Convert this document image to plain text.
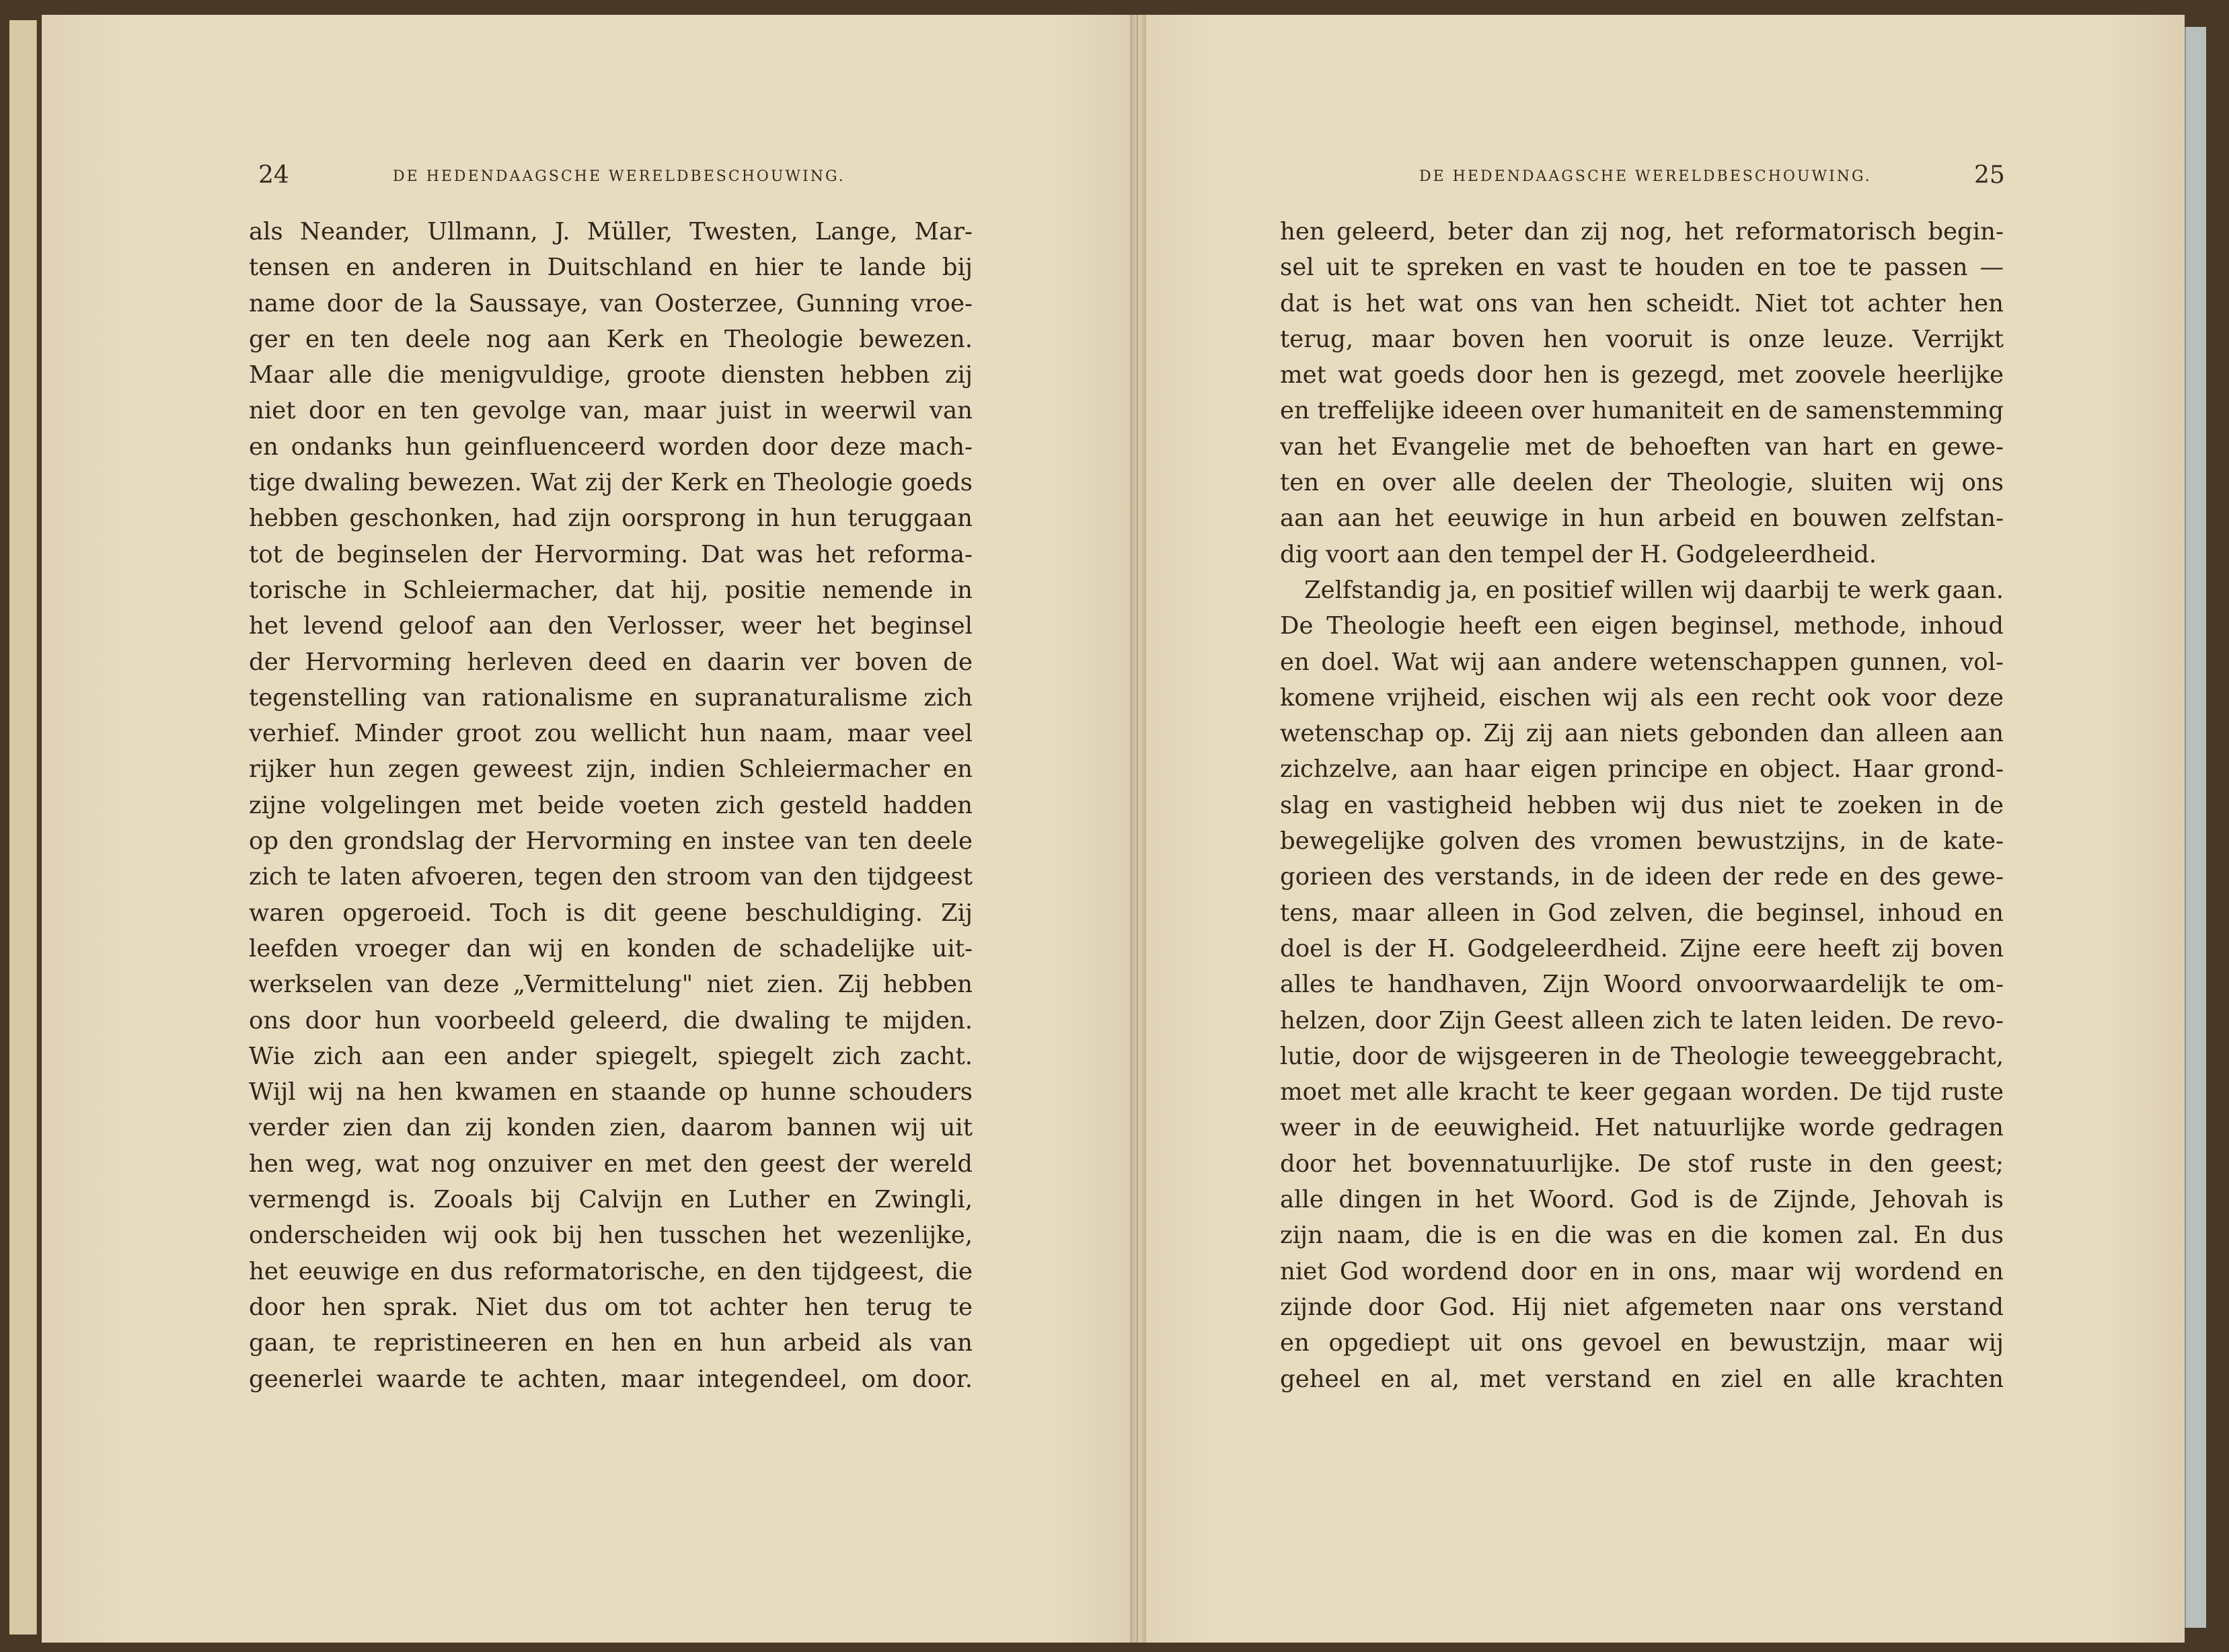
24	DE HEDENDAAGSCHE WERELDBESCHOUWING.	DE HEDENDAAGSCHE WERELDBESCHOUWING.	25
als Neander, Ullmann, J. Müller, Twesten, Lange, Mar-
tensen en anderen in Duitschland en hier te lande bij
name door de la Saussaye, van Oosterzee, Gunning vroe-
ger en ten deele nog aan Kerk en Theologie bewezen.
Maar alle die menigvuldige, groote diensten hebben zij
niet door en ten gevolge van, maar juist in weerwil van
en ondanks hun geinfluenceerd worden door deze mach-
tige dwaling bewezen. Wat zij der Kerk en Theologie goeds
hebben geschonken, had zijn oorsprong in hun teruggaan
tot de beginselen der Hervorming. Dat was het reforma-
torische in Schleiermacher, dat hij, positie nemende in
het levend geloof aan den Verlosser, weer het beginsel
der Hervorming herleven deed en daarin ver boven de
tegenstelling van rationalisme en supranaturalisme zich
verhief. Minder groot zou wellicht hun naam, maar veel
rijker hun zegen geweest zijn, indien Schleiermacher en
zijne volgelingen met beide voeten zich gesteld hadden
op den grondslag der Hervorming en instee van ten deele
zich te laten afvoeren, tegen den stroom van den tijdgeest
waren opgeroeid. Toch is dit geene beschuldiging. Zij
leefden vroeger dan wij en konden de schadelijke uit-
werkselen van deze „Vermittelung" niet zien. Zij hebben
ons door hun voorbeeld geleerd, die dwaling te mijden.
Wie zich aan een ander spiegelt, spiegelt zich zacht.
Wijl wij na hen kwamen en staande op hunne schouders
verder zien dan zij konden zien, daarom bannen wij uit
hen weg, wat nog onzuiver en met den geest der wereld
vermengd is. Zooals bij Calvijn en Luther en Zwingli,
onderscheiden wij ook bij hen tusschen het wezenlijke,
het eeuwige en dus reformatorische, en den tijdgeest, die
door hen sprak. Niet dus om tot achter hen terug te
gaan, te repristineeren en hen en hun arbeid als van
geenerlei waarde te achten, maar integendeel, om door.
hen geleerd, beter dan zij nog, het reformatorisch begin-
sel uit te spreken en vast te houden en toe te passen —
dat is het wat ons van hen scheidt. Niet tot achter hen
terug, maar boven hen vooruit is onze leuze. Verrijkt
met wat goeds door hen is gezegd, met zoovele heerlijke
en treffelijke ideeen over humaniteit en de samenstemming
van het Evangelie met de behoeften van hart en gewe-
ten en over alle deelen der Theologie, sluiten wij ons
aan aan het eeuwige in hun arbeid en bouwen zelfstan-
dig voort aan den tempel der H. Godgeleerdheid.
Zelfstandig ja, en positief willen wij daarbij te werk gaan.
De Theologie heeft een eigen beginsel, methode, inhoud
en doel. Wat wij aan andere wetenschappen gunnen, vol-
komene vrijheid, eischen wij als een recht ook voor deze
wetenschap op. Zij zij aan niets gebonden dan alleen aan
zichzelve, aan haar eigen principe en object. Haar grond-
slag en vastigheid hebben wij dus niet te zoeken in de
bewegelijke golven des vromen bewustzijns, in de kate-
gorieen des verstands, in de ideen der rede en des gewe-
tens, maar alleen in God zelven, die beginsel, inhoud en
doel is der H. Godgeleerdheid. Zijne eere heeft zij boven
alles te handhaven, Zijn Woord onvoorwaardelijk te om-
helzen, door Zijn Geest alleen zich te laten leiden. De revo-
lutie, door de wijsgeeren in de Theologie teweeggebracht,
moet met alle kracht te keer gegaan worden. De tijd ruste
weer in de eeuwigheid. Het natuurlijke worde gedragen
door het bovennatuurlijke. De stof ruste in den geest;
alle dingen in het Woord. God is de Zijnde, Jehovah is
zijn naam, die is en die was en die komen zal. En dus
niet God wordend door en in ons, maar wij wordend en
zijnde door God. Hij niet afgemeten naar ons verstand
en opgediept uit ons gevoel en bewustzijn, maar wij
geheel en al, met verstand en ziel en alle krachten
